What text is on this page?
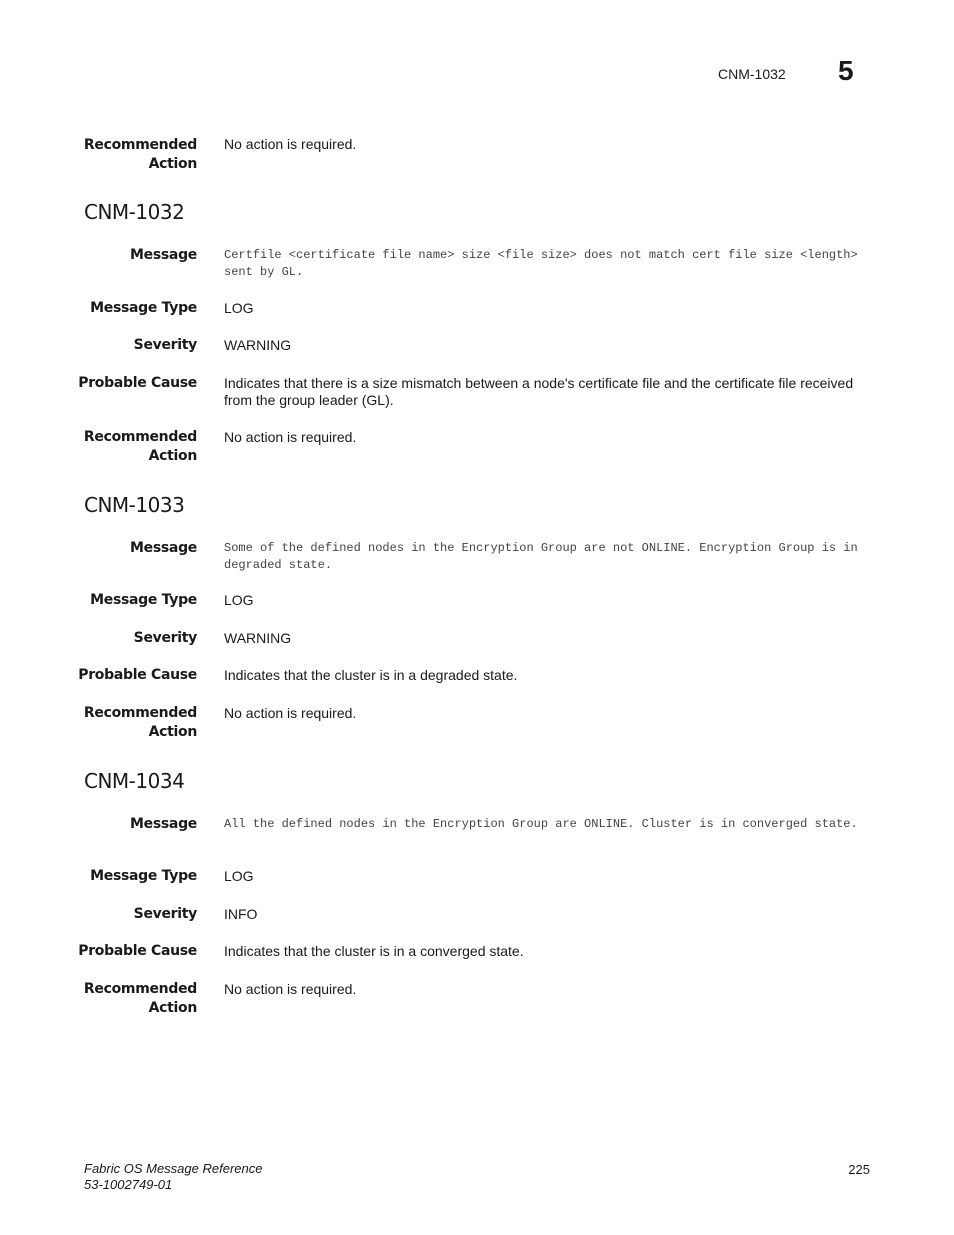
CNM-1032 5
Recommended
Action
No action is required.
CNM-1032
Message Certfile <certificate file name> size <file size> does not match cert file size <length> sent by GL.
Message Type LOG
Severity WARNING
Probable Cause Indicates that there is a size mismatch between a node's certificate file and the certificate file received from the group leader (GL).
Recommended
Action
No action is required.
CNM-1033
Message Some of the defined nodes in the Encryption Group are not ONLINE. Encryption Group is in degraded state.
Message Type LOG
Severity WARNING
Probable Cause Indicates that the cluster is in a degraded state.
Recommended
Action
No action is required.
CNM-1034
Message All the defined nodes in the Encryption Group are ONLINE. Cluster is in converged state.
Message Type LOG
Severity INFO
Probable Cause Indicates that the cluster is in a converged state.
Recommended
Action
No action is required.
Fabric OS Message Reference
53-1002749-01
225
